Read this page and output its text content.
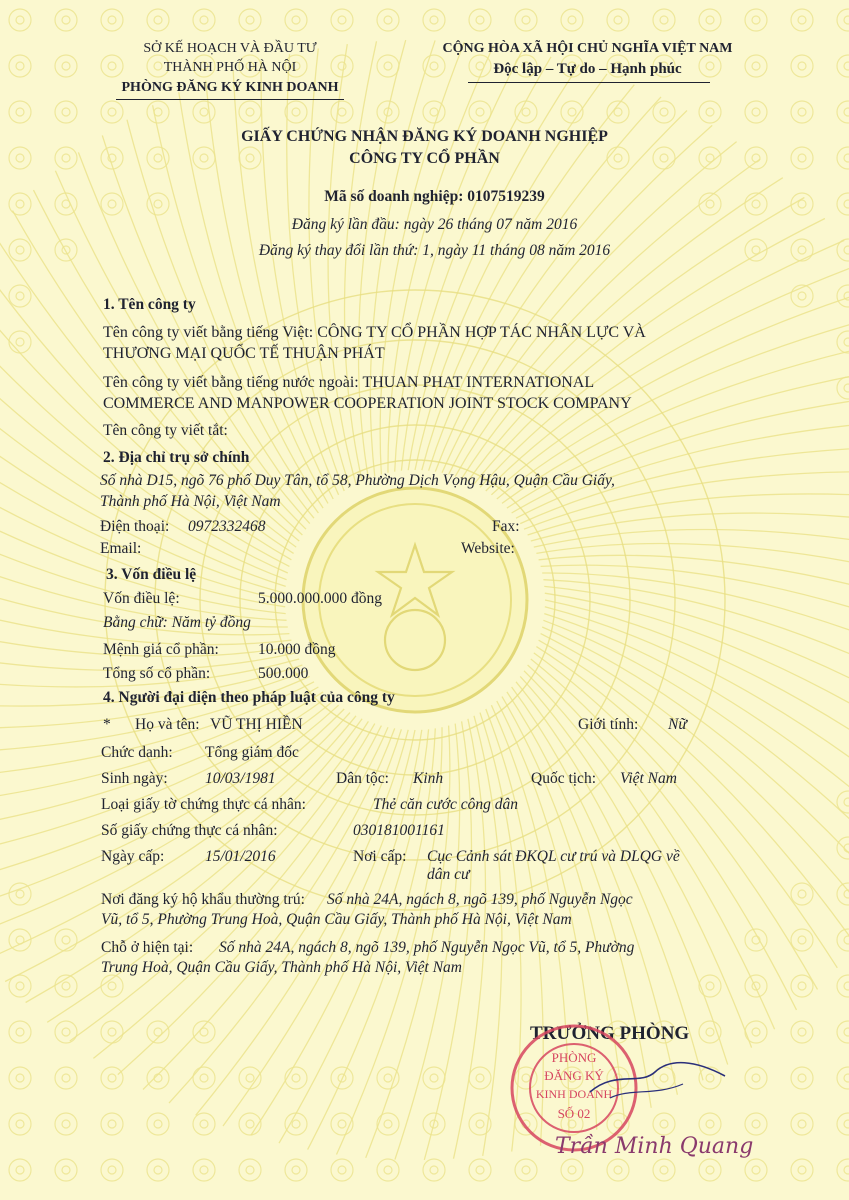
SỞ KẾ HOẠCH VÀ ĐẦU TƯ
THÀNH PHỐ HÀ NỘI
PHÒNG ĐĂNG KÝ KINH DOANH
CỘNG HÒA XÃ HỘI CHỦ NGHĨA VIỆT NAM
Độc lập – Tự do – Hạnh phúc
GIẤY CHỨNG NHẬN ĐĂNG KÝ DOANH NGHIỆP
CÔNG TY CỔ PHẦN
Mã số doanh nghiệp: 0107519239
Đăng ký lần đầu: ngày 26 tháng 07 năm 2016
Đăng ký thay đổi lần thứ: 1, ngày 11 tháng 08 năm 2016
1. Tên công ty
Tên công ty viết bằng tiếng Việt: CÔNG TY CỔ PHẦN HỢP TÁC NHÂN LỰC VÀ
THƯƠNG MẠI QUỐC TẾ THUẬN PHÁT
Tên công ty viết bằng tiếng nước ngoài: THUAN PHAT INTERNATIONAL
COMMERCE AND MANPOWER COOPERATION JOINT STOCK COMPANY
Tên công ty viết tắt:
2. Địa chỉ trụ sở chính
Số nhà D15, ngõ 76 phố Duy Tân, tổ 58, Phường Dịch Vọng Hậu, Quận Cầu Giấy,
Thành phố Hà Nội, Việt Nam
Điện thoại: 0972332468	Fax:
Email:	Website:
3. Vốn điều lệ
Vốn điều lệ:	5.000.000.000 đồng
Bằng chữ: Năm tỷ đồng
Mệnh giá cổ phần:	10.000 đồng
Tổng số cổ phần:	500.000
4. Người đại diện theo pháp luật của công ty
* Họ và tên: VŨ THỊ HIỀN	Giới tính: Nữ
Chức danh: Tổng giám đốc
Sinh ngày: 10/03/1981	Dân tộc: Kinh	Quốc tịch: Việt Nam
Loại giấy tờ chứng thực cá nhân:	Thẻ căn cước công dân
Số giấy chứng thực cá nhân:	030181001161
Ngày cấp:	15/01/2016	Nơi cấp: Cục Cảnh sát ĐKQL cư trú và DLQG về
dân cư
Nơi đăng ký hộ khẩu thường trú: Số nhà 24A, ngách 8, ngõ 139, phố Nguyễn Ngọc
Vũ, tổ 5, Phường Trung Hoà, Quận Cầu Giấy, Thành phố Hà Nội, Việt Nam
Chỗ ở hiện tại: Số nhà 24A, ngách 8, ngõ 139, phố Nguyễn Ngọc Vũ, tổ 5, Phường
Trung Hoà, Quận Cầu Giấy, Thành phố Hà Nội, Việt Nam
TRƯỞNG PHÒNG
PHÒNG
ĐĂNG KÝ
KINH DOANH
SỐ 02
Trần Minh Quang
